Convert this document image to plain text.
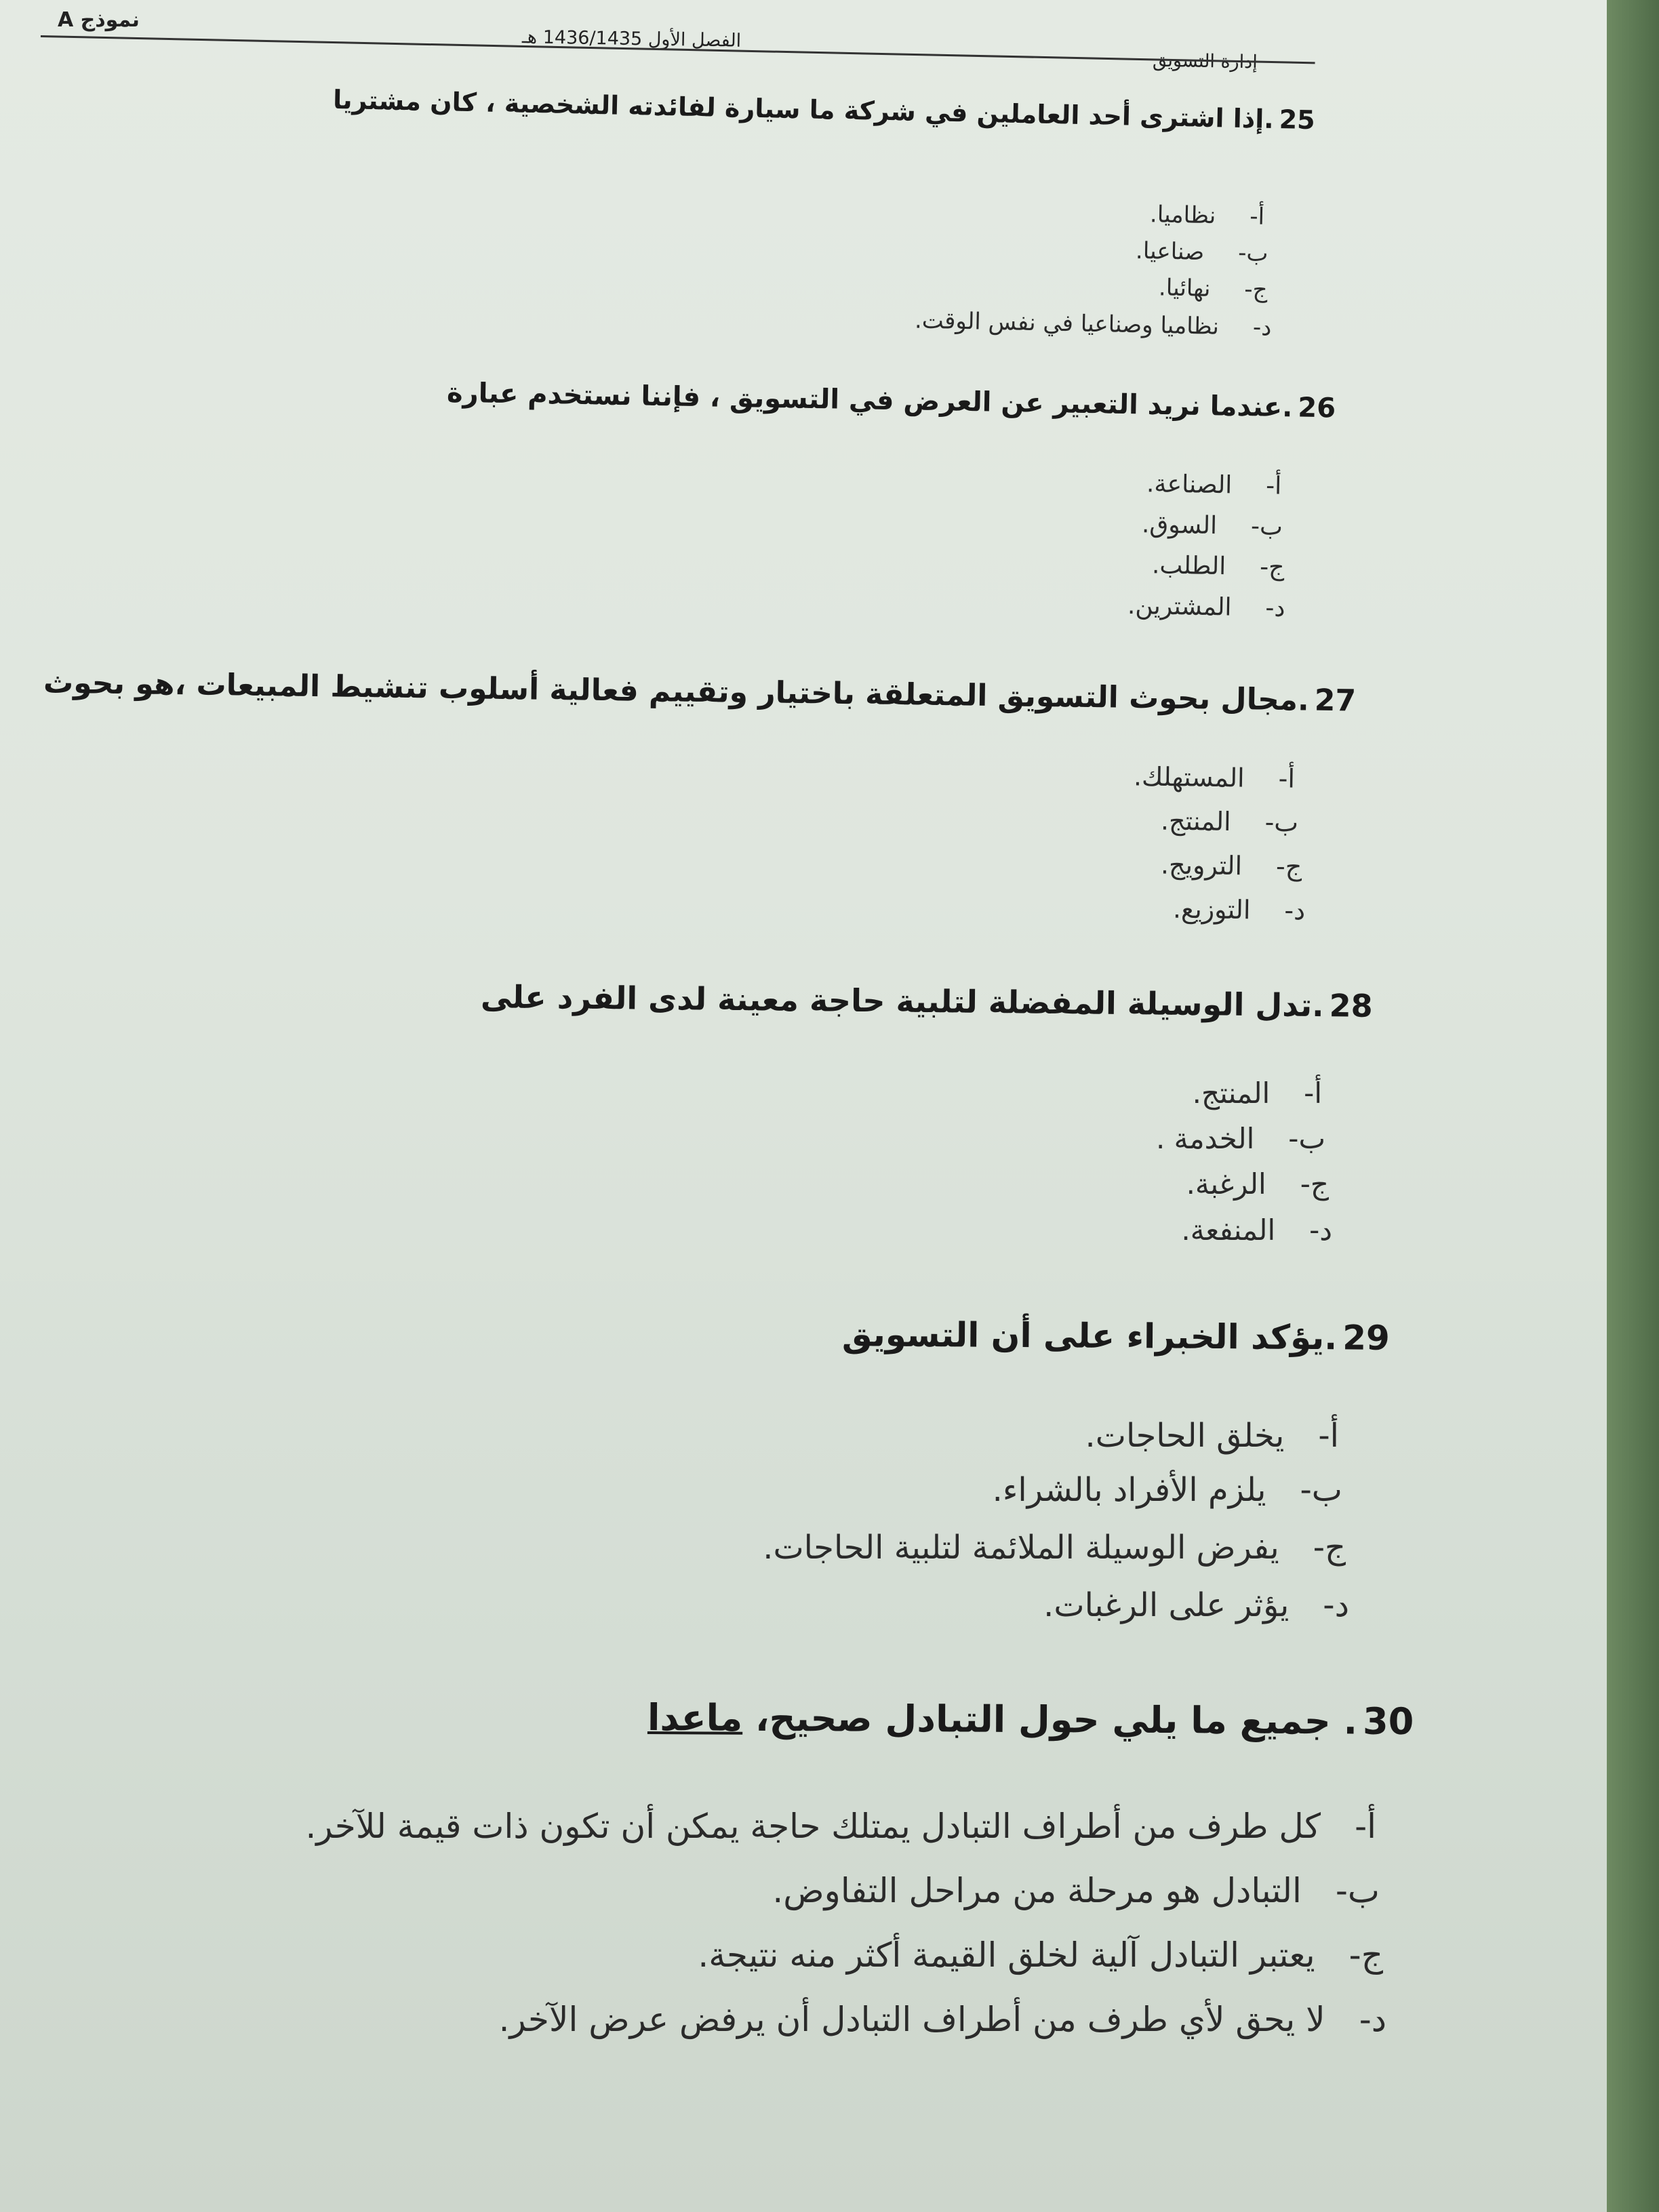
نموذج A
الفصل الأول 1436/1435 هـ
إدارة التسويق
25.إذا اشترى أحد العاملين في شركة ما سيارة لفائدته الشخصية ، كان مشتريا
أ-نظاميا.
ب-صناعيا.
ج-نهائيا.
د-نظاميا وصناعيا في نفس الوقت.
26.عندما نريد التعبير عن العرض في التسويق ، فإننا نستخدم عبارة
أ-الصناعة.
ب-السوق.
ج-الطلب.
د-المشترين.
27.مجال بحوث التسويق المتعلقة باختيار وتقييم فعالية أسلوب تنشيط المبيعات ،هو بحوث
أ-المستهلك.
ب-المنتج.
ج-الترويج.
د-التوزيع.
28.تدل الوسيلة المفضلة لتلبية حاجة معينة لدى الفرد على
أ-المنتج.
ب-الخدمة .
ج-الرغبة.
د-المنفعة.
29.يؤكد الخبراء على أن التسويق
أ-يخلق الحاجات.
ب-يلزم الأفراد بالشراء.
ج-يفرض الوسيلة الملائمة لتلبية الحاجات.
د-يؤثر على الرغبات.
30. جميع ما يلي حول التبادل صحيح، ماعدا
أ-كل طرف من أطراف التبادل يمتلك حاجة يمكن أن تكون ذات قيمة للآخر.
ب-التبادل هو مرحلة من مراحل التفاوض.
ج-يعتبر التبادل آلية لخلق القيمة أكثر منه نتيجة.
د-لا يحق لأي طرف من أطراف التبادل أن يرفض عرض الآخر.
